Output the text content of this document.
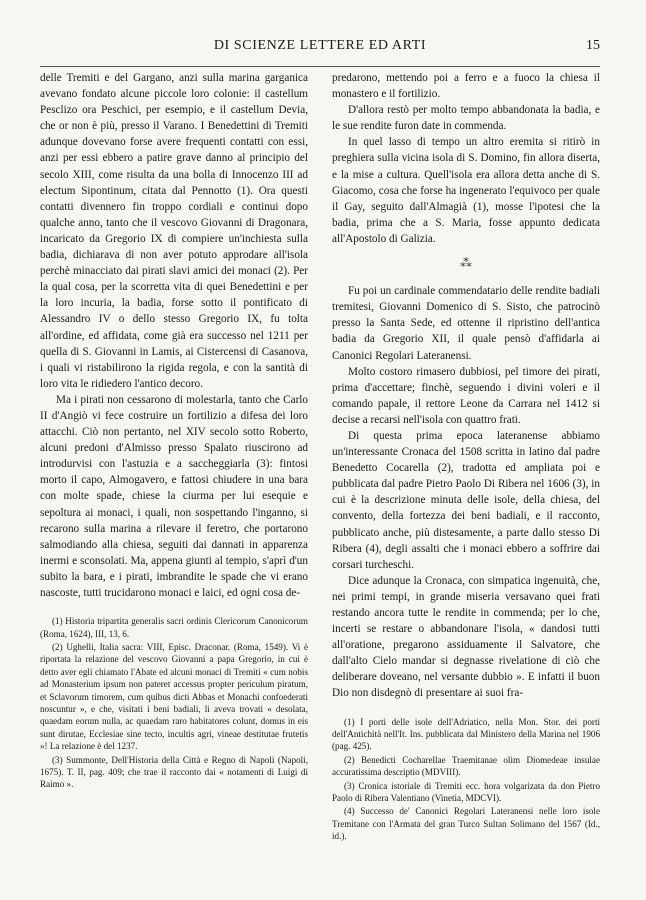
DI SCIENZE LETTERE ED ARTI	15

delle Tremiti e del Gargano, anzi sulla marina garganica avevano fondato alcune piccole loro colonie: il castellum Pesclizo ora Peschici, per esempio, e il castellum Devia, che or non è più, presso il Varano. I Benedettini di Tremiti adunque dovevano forse avere frequenti contatti con essi, anzi per essi ebbero a patire grave danno al principio del secolo XIII, come risulta da una bolla di Innocenzo III ad electum Sipontinum, citata dal Pennotto (1). Ora questi contatti divennero fin troppo cordiali e continui dopo qualche anno, tanto che il vescovo Giovanni di Dragonara, incaricato da Gregorio IX di compiere un'inchiesta sulla badia, dichiarava di non aver potuto approdare all'isola perchè minacciato dai pirati slavi amici dei monaci (2). Per la qual cosa, per la scorretta vita di quei Benedettini e per la loro incuria, la badia, forse sotto il pontificato di Alessandro IV o dello stesso Gregorio IX, fu tolta all'ordine, ed affidata, come già era successo nel 1211 per quella di S. Giovanni in Lamis, ai Cistercensi di Casanova, i quali vi ristabilirono la rigida regola, e con la santità di loro vita le ridiedero l'antico decoro.

Ma i pirati non cessarono di molestarla, tanto che Carlo II d'Angiò vi fece costruire un fortilizio a difesa dei loro attacchi. Ciò non pertanto, nel XIV secolo sotto Roberto, alcuni predoni d'Almisso presso Spalato riuscirono ad introdurvisi con l'astuzia e a saccheggiarla (3): fintosi morto il capo, Almogavero, e fattosi chiudere in una bara con molte spade, chiese la ciurma per lui esequie e sepoltura ai monaci, i quali, non sospettando l'inganno, si recarono sulla marina a rilevare il feretro, che portarono salmodiando alla chiesa, seguiti dai dannati in apparenza inermi e sconsolati. Ma, appena giunti al tempio, s'aprì d'un subito la bara, e i pirati, imbrandite le spade che vi erano nascoste, tutti trucidarono monaci e laici, ed ogni cosa de-

(1) Historia tripartita generalis sacri ordinis Clericorum Canonicorum (Roma, 1624), III, 13, 6.

(2) Ughelli, Italia sacra: VIII, Episc. Draconar. (Roma, 1549). Vi è riportata la relazione del vescovo Giovanni a papa Gregorio, in cui è detto aver egli chiamato l'Abate ed alcuni monaci di Tremiti « cum nobis ad Monasterium ipsum non pateret accessus propter periculum piratum, et Sclavorum timorem, cum quibus dicti Abbas et Monachi confoederati noscuntur », e che, visitati i beni badiali, li aveva trovati « desolata, quaedam eorum nulla, ac quaedam raro habitatores colunt, domus in eis sunt dirutae, Ecclesiae sine tecto, incultis agri, vineae destitutae frutetis »! La relazione è del 1237.

(3) Summonte, Dell'Historia della Città e Regno di Napoli (Napoli, 1675). T. II, pag. 409; che trae il racconto dai « notamenti di Luigi di Raimo ».

predarono, mettendo poi a ferro e a fuoco la chiesa il monastero e il fortilizio.

D'allora restò per molto tempo abbandonata la badia, e le sue rendite furon date in commenda.

In quel lasso di tempo un altro eremita si ritirò in preghiera sulla vicina isola di S. Domino, fin allora diserta, e la mise a cultura. Quell'isola era allora detta anche di S. Giacomo, cosa che forse ha ingenerato l'equivoco per quale il Gay, seguito dall'Almagià (1), mosse l'ipotesi che la badia, prima che a S. Maria, fosse appunto dedicata all'Apostolo di Galizia.

⁂

Fu poi un cardinale commendatario delle rendite badiali tremitesi, Giovanni Domenico di S. Sisto, che patrocinò presso la Santa Sede, ed ottenne il ripristino dell'antica badia da Gregorio XII, il quale pensò d'affidarla ai Canonici Regolari Lateranensi.

Molto costoro rimasero dubbiosi, pel timore dei pirati, prima d'accettare; finchè, seguendo i divini voleri e il comando papale, il rettore Leone da Carrara nel 1412 si decise a recarsi nell'isola con quattro frati.

Di questa prima epoca lateranense abbiamo un'interessante Cronaca del 1508 scritta in latino dal padre Benedetto Cocarella (2), tradotta ed ampliata poi e pubblicata dal padre Pietro Paolo Di Ribera nel 1606 (3), in cui è la descrizione minuta delle isole, della chiesa, del convento, della fortezza dei beni badiali, e il racconto, pubblicato anche, più distesamente, a parte dallo stesso Di Ribera (4), degli assalti che i monaci ebbero a soffrire dai corsari turcheschi.

Dice adunque la Cronaca, con simpatica ingenuità, che, nei primi tempi, in grande miseria versavano quei frati restando ancora tutte le rendite in commenda; per lo che, incerti se restare o abbandonare l'isola, « dandosi tutti all'oratione, pregarono assiduamente il Salvatore, che dall'alto Cielo mandar si degnasse rivelatione di ciò che deliberare doveano, nel versante dubbio ». E infatti il buon Dio non disdegnò di presentare ai suoi fra-

(1) I porti delle isole dell'Adriatico, nella Mon. Stor. dei porti dell'Antichità nell'It. Ins. pubblicata dal Ministero della Marina nel 1906 (pag. 425).

(2) Benedicti Cocharellae Traemitanae olim Diomedeae insulae accuratissima descriptio (MDVIII).

(3) Cronica istoriale di Tremiti ecc. hora volgarizata da don Pietro Paolo di Ribera Valentiano (Vinetia, MDCVI).

(4) Successo de' Canonici Regolari Lateranensi nelle loro isole Tremitane con l'Armata del gran Turco Sultan Solimano del 1567 (Id., id.).
